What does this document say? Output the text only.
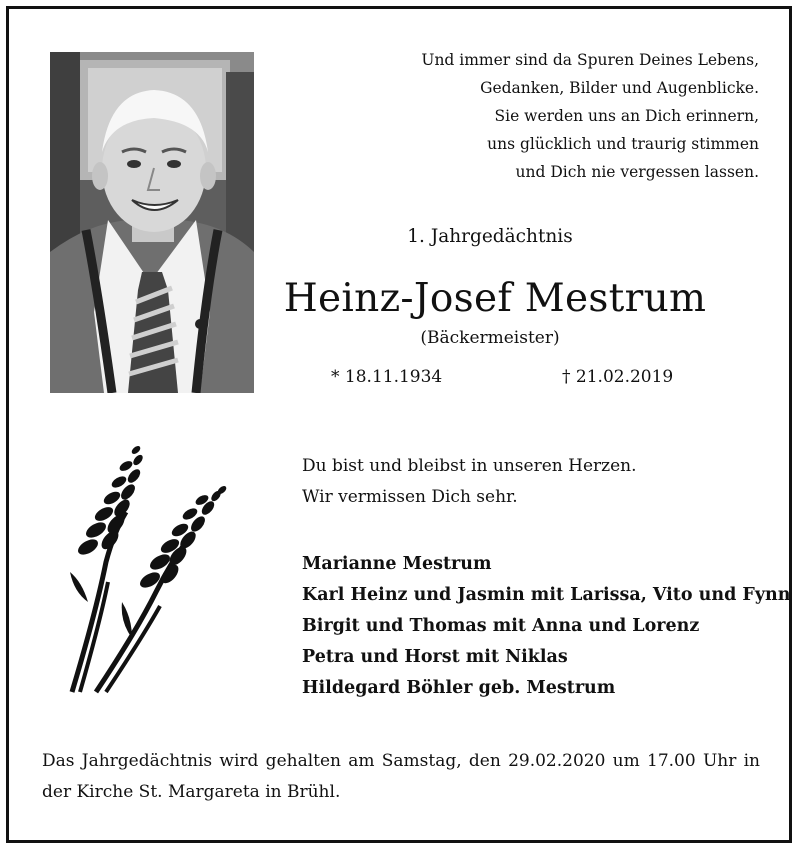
Und immer sind da Spuren Deines Lebens,
Gedanken, Bilder und Augenblicke.
Sie werden uns an Dich erinnern,
uns glücklich und traurig stimmen
und Dich nie vergessen lassen.
1. Jahrgedächtnis
Heinz-Josef Mestrum
(Bäckermeister)
* 18.11.1934	† 21.02.2019
Du bist und bleibst in unseren Herzen.
Wir vermissen Dich sehr.
Marianne Mestrum
Karl Heinz und Jasmin mit Larissa, Vito und Fynn
Birgit und Thomas mit Anna und Lorenz
Petra und Horst mit Niklas
Hildegard Böhler geb. Mestrum
Das Jahrgedächtnis wird gehalten am Samstag, den 29.02.2020 um 17.00 Uhr in der Kirche St. Margareta in Brühl.
